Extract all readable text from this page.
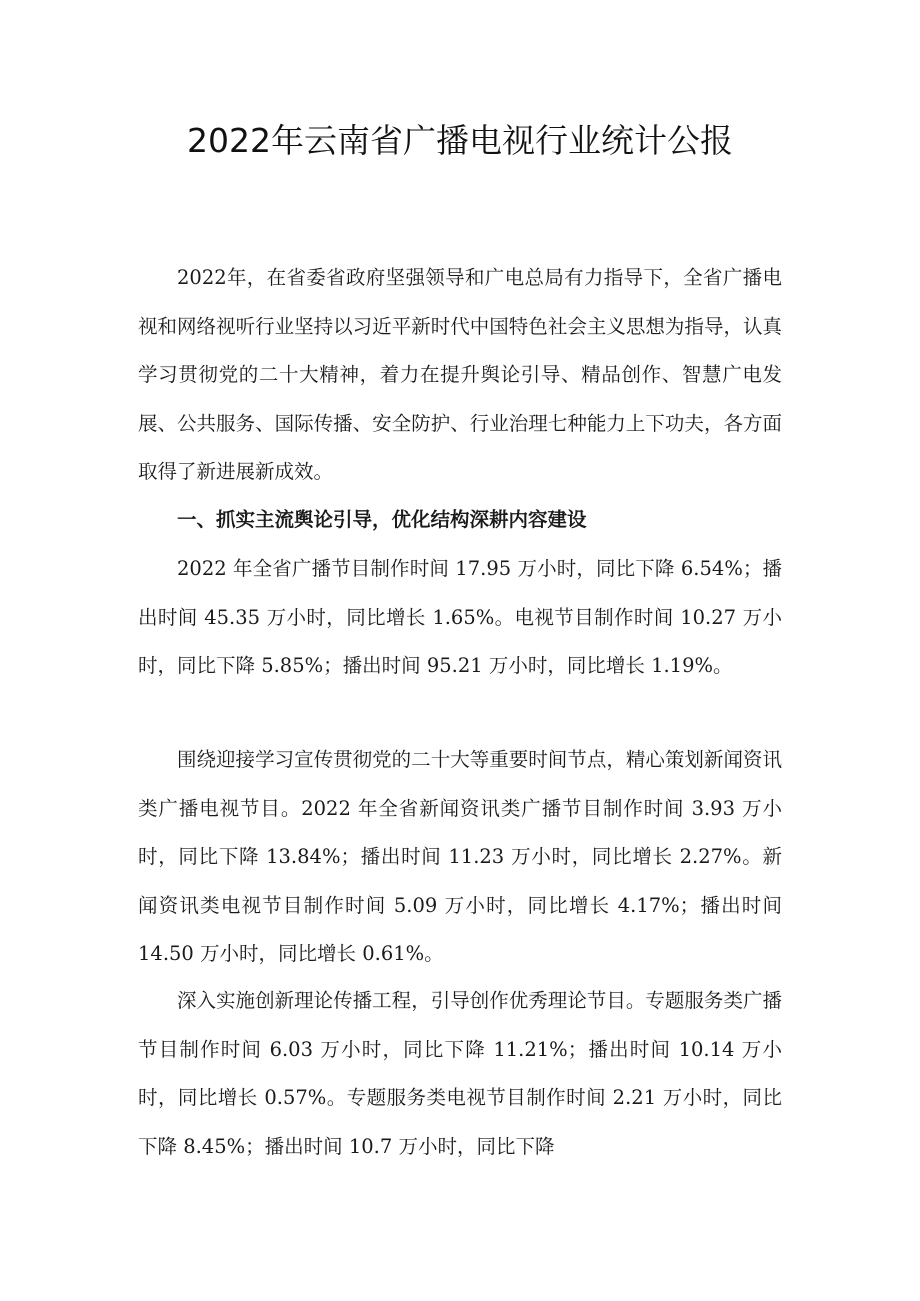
2022年云南省广播电视行业统计公报

2022年，在省委省政府坚强领导和广电总局有力指导下，全省广播电视和网络视听行业坚持以习近平新时代中国特色社会主义思想为指导，认真学习贯彻党的二十大精神，着力在提升舆论引导、精品创作、智慧广电发展、公共服务、国际传播、安全防护、行业治理七种能力上下功夫，各方面取得了新进展新成效。

一、抓实主流舆论引导，优化结构深耕内容建设

2022 年全省广播节目制作时间 17.95 万小时，同比下降 6.54%；播出时间 45.35 万小时，同比增长 1.65%。电视节目制作时间 10.27 万小时，同比下降 5.85%；播出时间 95.21 万小时，同比增长 1.19%。

围绕迎接学习宣传贯彻党的二十大等重要时间节点，精心策划新闻资讯类广播电视节目。2022 年全省新闻资讯类广播节目制作时间 3.93 万小时，同比下降 13.84%；播出时间 11.23 万小时，同比增长 2.27%。新闻资讯类电视节目制作时间 5.09 万小时，同比增长 4.17%；播出时间 14.50 万小时，同比增长 0.61%。

深入实施创新理论传播工程，引导创作优秀理论节目。专题服务类广播节目制作时间 6.03 万小时，同比下降 11.21%；播出时间 10.14 万小时，同比增长 0.57%。专题服务类电视节目制作时间 2.21 万小时，同比下降 8.45%；播出时间 10.7 万小时，同比下降
